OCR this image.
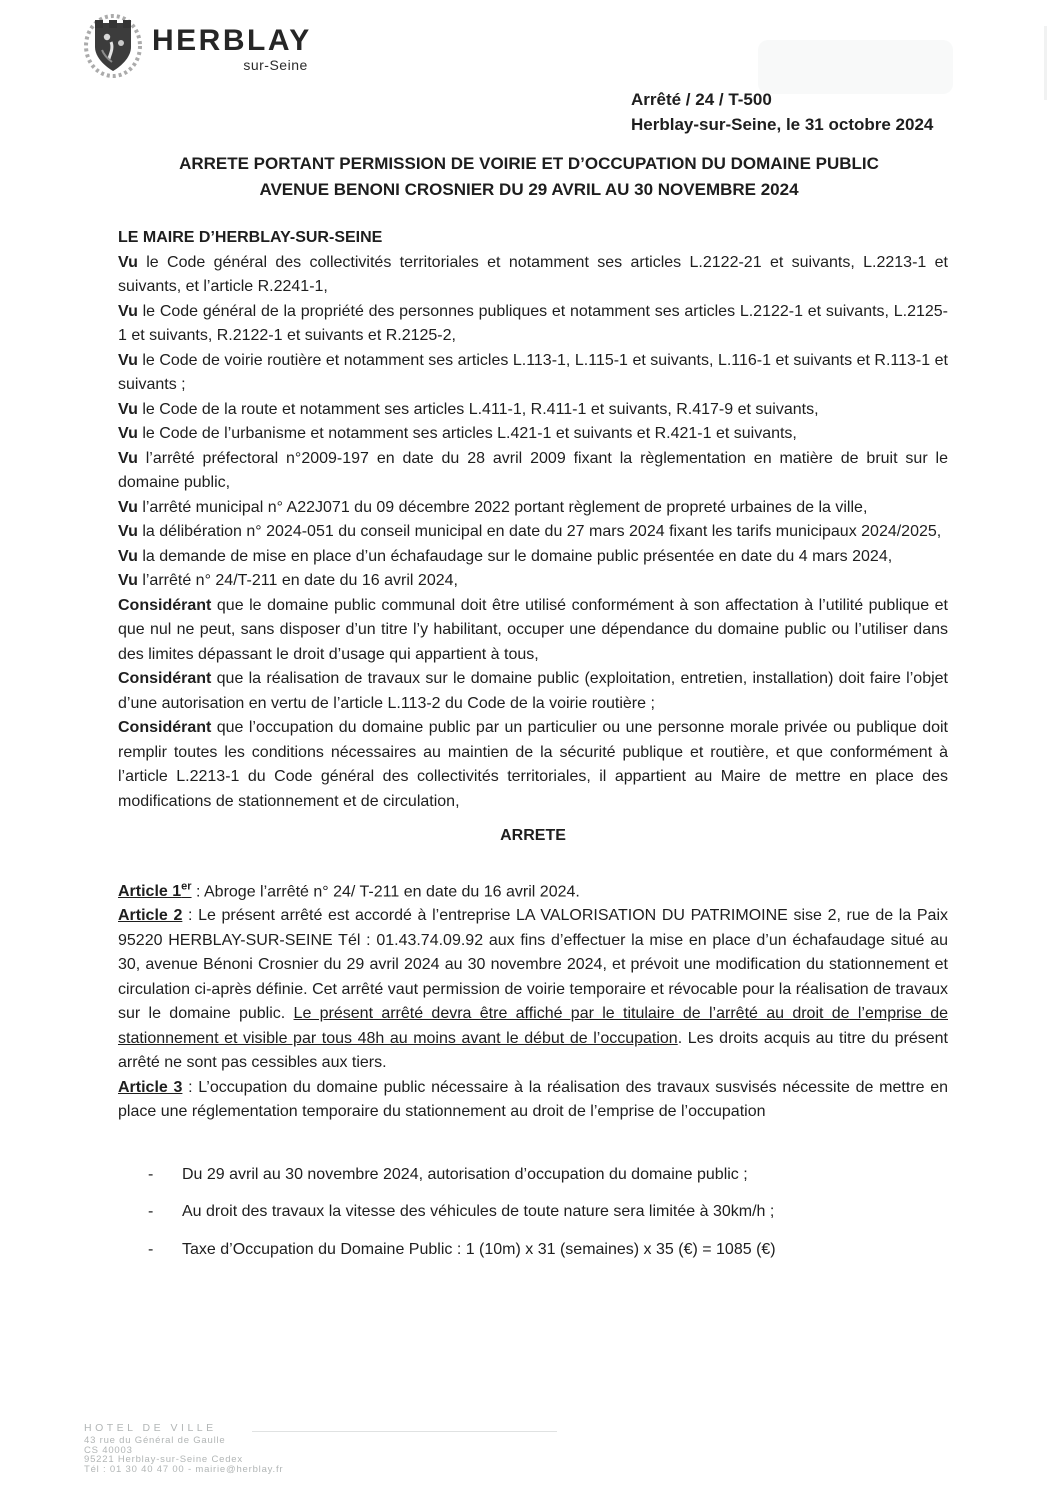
HERBLAY
sur-Seine
Arrêté / 24 / T-500
Herblay-sur-Seine, le 31 octobre 2024
ARRETE PORTANT PERMISSION DE VOIRIE ET D’OCCUPATION DU DOMAINE PUBLIC
AVENUE BENONI CROSNIER DU 29 AVRIL AU 30 NOVEMBRE 2024

LE MAIRE D’HERBLAY-SUR-SEINE

Vu le Code général des collectivités territoriales et notamment ses articles L.2122-21 et suivants, L.2213-1 et suivants, et l’article R.2241-1,

Vu le Code général de la propriété des personnes publiques et notamment ses articles L.2122-1 et suivants, L.2125-1 et suivants, R.2122-1 et suivants et R.2125-2,

Vu le Code de voirie routière et notamment ses articles L.113-1, L.115-1 et suivants, L.116-1 et suivants et R.113-1 et suivants ;

Vu le Code de la route et notamment ses articles L.411-1, R.411-1 et suivants, R.417-9 et suivants,

Vu le Code de l’urbanisme et notamment ses articles L.421-1 et suivants et R.421-1 et suivants,

Vu l’arrêté préfectoral n°2009-197 en date du 28 avril 2009 fixant la règlementation en matière de bruit sur le domaine public,

Vu l’arrêté municipal n° A22J071 du 09 décembre 2022 portant règlement de propreté urbaines de la ville,

Vu la délibération n° 2024-051 du conseil municipal en date du 27 mars 2024 fixant les tarifs municipaux 2024/2025,

Vu la demande de mise en place d’un échafaudage sur le domaine public présentée en date du 4 mars 2024,

Vu l’arrêté n° 24/T-211 en date du 16 avril 2024,

Considérant que le domaine public communal doit être utilisé conformément à son affectation à l’utilité publique et que nul ne peut, sans disposer d’un titre l’y habilitant, occuper une dépendance du domaine public ou l’utiliser dans des limites dépassant le droit d’usage qui appartient à tous,

Considérant que la réalisation de travaux sur le domaine public (exploitation, entretien, installation) doit faire l’objet d’une autorisation en vertu de l’article L.113-2 du Code de la voirie routière ;

Considérant que l’occupation du domaine public par un particulier ou une personne morale privée ou publique doit remplir toutes les conditions nécessaires au maintien de la sécurité publique et routière, et que conformément à l’article L.2213-1 du Code général des collectivités territoriales, il appartient au Maire de mettre en place des modifications de stationnement et de circulation,

ARRETE

Article 1er : Abroge l’arrêté n° 24/ T-211 en date du 16 avril 2024.

Article 2 : Le présent arrêté est accordé à l’entreprise LA VALORISATION DU PATRIMOINE sise 2, rue de la Paix 95220 HERBLAY-SUR-SEINE Tél : 01.43.74.09.92 aux fins d’effectuer la mise en place d’un échafaudage situé au 30, avenue Bénoni Crosnier du 29 avril 2024 au 30 novembre 2024, et prévoit une modification du stationnement et circulation ci-après définie. Cet arrêté vaut permission de voirie temporaire et révocable pour la réalisation de travaux sur le domaine public. Le présent arrêté devra être affiché par le titulaire de l’arrêté au droit de l’emprise de stationnement et visible par tous 48h au moins avant le début de l’occupation. Les droits acquis au titre du présent arrêté ne sont pas cessibles aux tiers.

Article 3 : L’occupation du domaine public nécessaire à la réalisation des travaux susvisés nécessite de mettre en place une réglementation temporaire du stationnement au droit de l’emprise de l’occupation

-	Du 29 avril au 30 novembre 2024, autorisation d’occupation du domaine public ;
-	Au droit des travaux la vitesse des véhicules de toute nature sera limitée à 30km/h ;
-	Taxe d’Occupation du Domaine Public : 1 (10m) x 31 (semaines) x 35 (€) = 1085 (€)
HOTEL DE VILLE
43 rue du Général de Gaulle
CS 40003
95221 Herblay-sur-Seine Cedex
Tél : 01 30 40 47 00 - mairie@herblay.fr
